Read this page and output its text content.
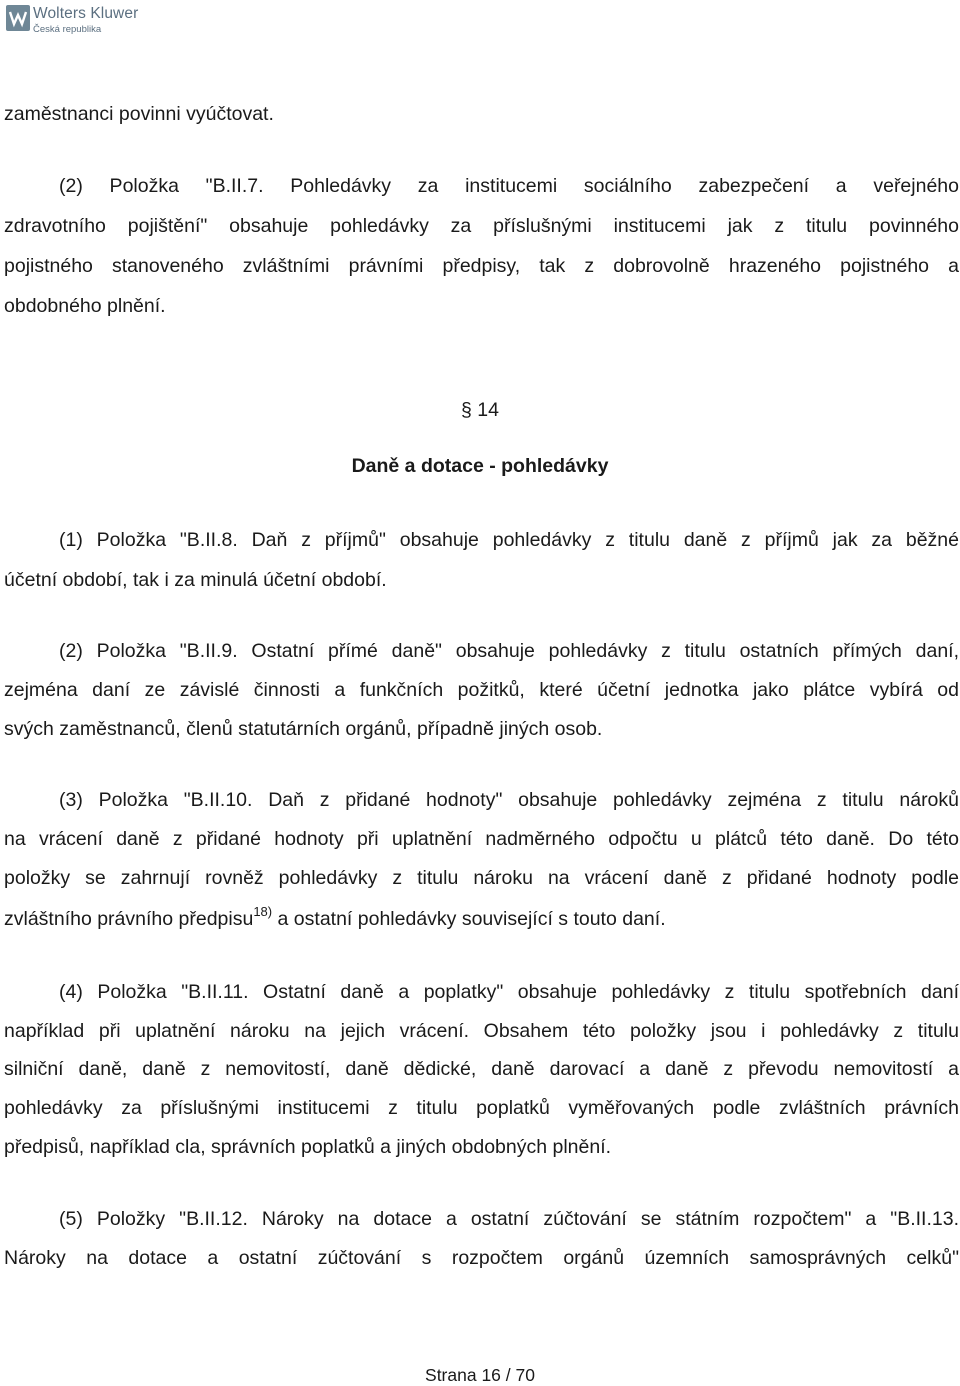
Wolters Kluwer
Česká republika
zaměstnanci povinni vyúčtovat.
(2) Položka "B.II.7. Pohledávky za institucemi sociálního zabezpečení a veřejného
zdravotního pojištění" obsahuje pohledávky za příslušnými institucemi jak z titulu povinného
pojistného stanoveného zvláštními právními předpisy, tak z dobrovolně hrazeného pojistného a
obdobného plnění.
§ 14
Daně a dotace - pohledávky
(1) Položka "B.II.8. Daň z příjmů" obsahuje pohledávky z titulu daně z příjmů jak za běžné
účetní období, tak i za minulá účetní období.
(2) Položka "B.II.9. Ostatní přímé daně" obsahuje pohledávky z titulu ostatních přímých daní,
zejména daní ze závislé činnosti a funkčních požitků, které účetní jednotka jako plátce vybírá od
svých zaměstnanců, členů statutárních orgánů, případně jiných osob.
(3) Položka "B.II.10. Daň z přidané hodnoty" obsahuje pohledávky zejména z titulu nároků
na vrácení daně z přidané hodnoty při uplatnění nadměrného odpočtu u plátců této daně. Do této
položky se zahrnují rovněž pohledávky z titulu nároku na vrácení daně z přidané hodnoty podle
zvláštního právního předpisu$^{18)}$ a ostatní pohledávky související s touto daní.
(4) Položka "B.II.11. Ostatní daně a poplatky" obsahuje pohledávky z titulu spotřebních daní
například při uplatnění nároku na jejich vrácení. Obsahem této položky jsou i pohledávky z titulu
silniční daně, daně z nemovitostí, daně dědické, daně darovací a daně z převodu nemovitostí a
pohledávky za příslušnými institucemi z titulu poplatků vyměřovaných podle zvláštních právních
předpisů, například cla, správních poplatků a jiných obdobných plnění.
(5) Položky "B.II.12. Nároky na dotace a ostatní zúčtování se státním rozpočtem" a "B.II.13.
Nároky na dotace a ostatní zúčtování s rozpočtem orgánů územních samosprávných celků"
Strana 16 / 70
